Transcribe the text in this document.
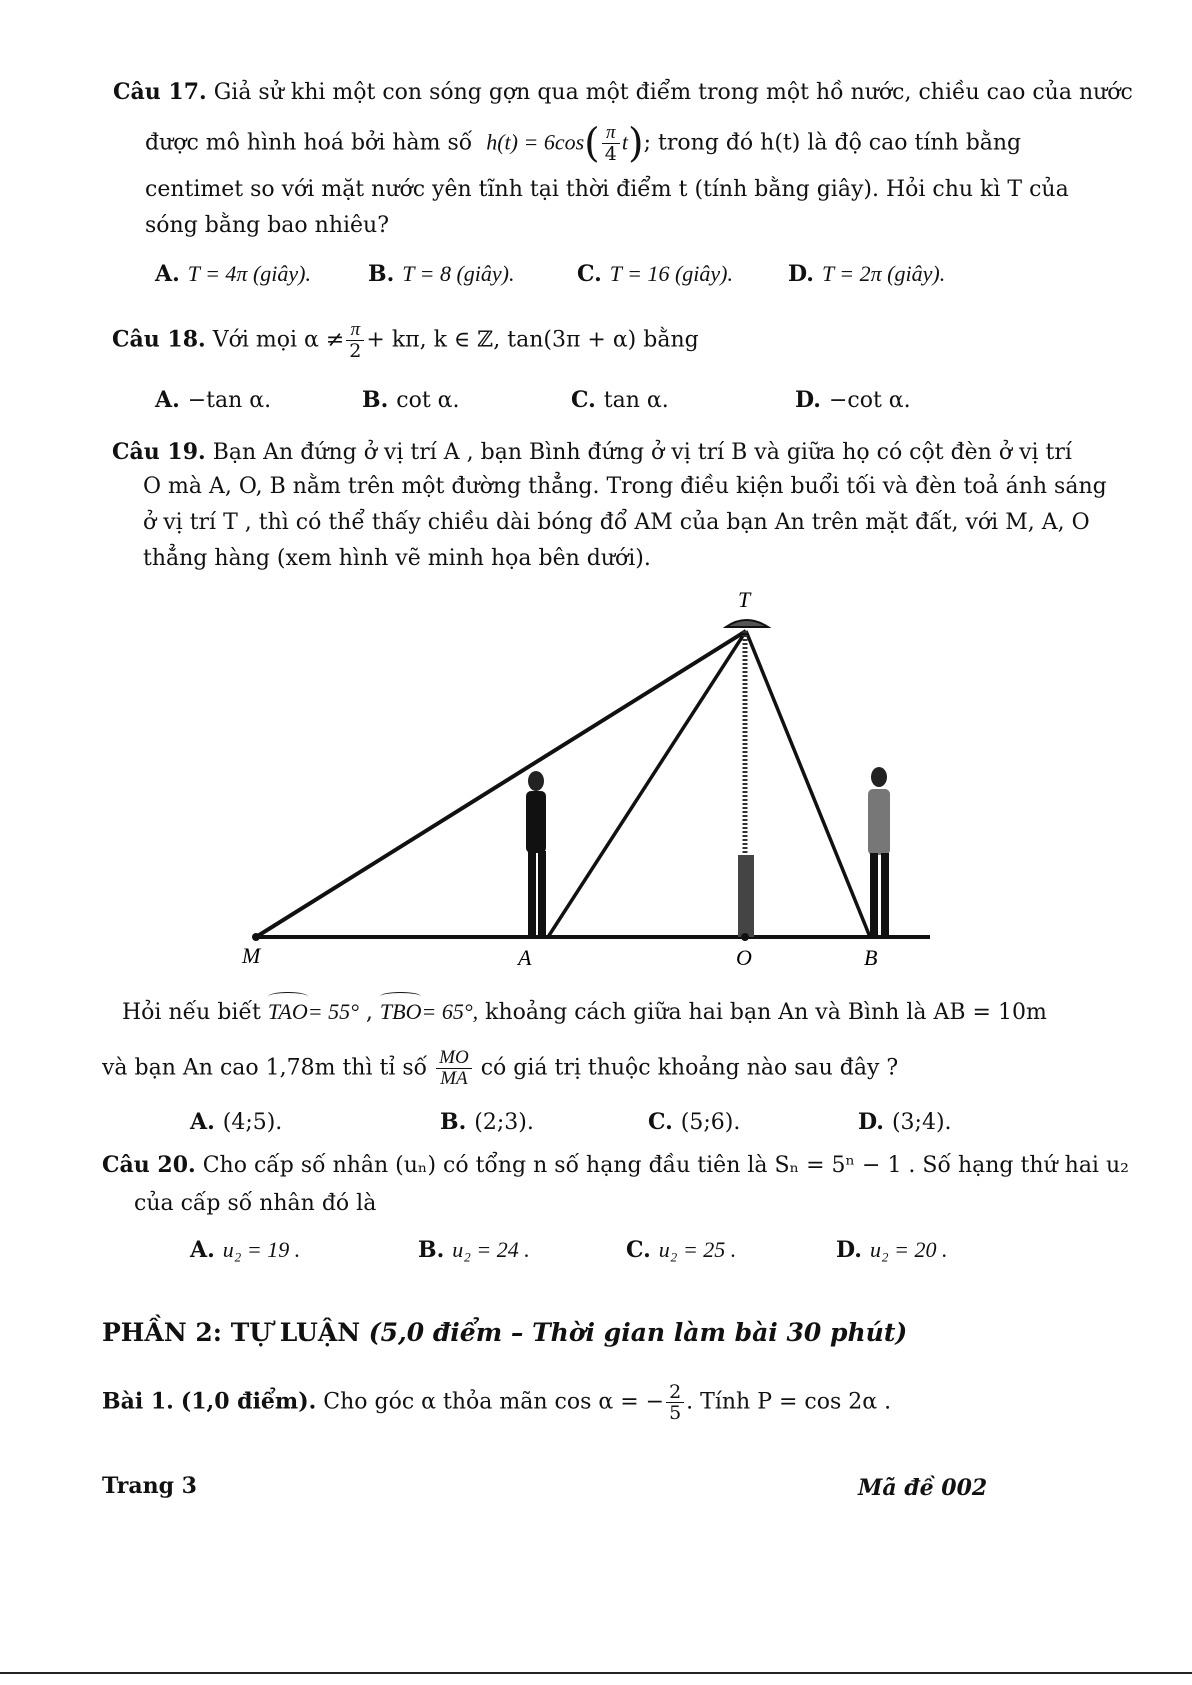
Câu 17. Giả sử khi một con sóng gợn qua một điểm trong một hồ nước, chiều cao của nước
được mô hình hoá bởi hàm số $h(t) = 6\cos( \frac{\pi}{4} t)$; trong đó h(t) là độ cao tính bằng
centimet so với mặt nước yên tĩnh tại thời điểm t (tính bằng giây). Hỏi chu kì T của
sóng bằng bao nhiêu?
A. T = 4π (giây).	B. T = 8 (giây).	C. T = 16 (giây). D. T = 2π (giây).
Câu 18. Với mọi $\alpha \ne \frac{\pi}{2} + k\pi$, k ∈ ℤ, tan(3π + α) bằng
A. −tan α.	B. cot α.	C. tan α.	D. −cot α.
Câu 19. Bạn An đứng ở vị trí A , bạn Bình đứng ở vị trí B và giữa họ có cột đèn ở vị trí
O mà A, O, B nằm trên một đường thẳng. Trong điều kiện buổi tối và đèn toả ánh sáng
ở vị trí T , thì có thể thấy chiều dài bóng đổ AM của bạn An trên mặt đất, với M, A, O
thẳng hàng (xem hình vẽ minh họa bên dưới).
T
M	A	O	B
Hỏi nếu biết TAO= 55° , TBO= 65°, khoảng cách giữa hai bạn An và Bình là AB = 10m
và bạn An cao 1,78m thì tỉ số $\frac{MO}{MA}$ có giá trị thuộc khoảng nào sau đây ?
A. (4;5).	B. (2;3).	C. (5;6).	D. (3;4).
Câu 20. Cho cấp số nhân (uₙ) có tổng n số hạng đầu tiên là Sₙ = 5ⁿ − 1 . Số hạng thứ hai u₂
của cấp số nhân đó là
A. u₂ = 19 .	B. u₂ = 24 .	C. u₂ = 25 .	D. u₂ = 20 .
PHẦN 2: TỰ LUẬN (5,0 điểm – Thời gian làm bài 30 phút)
Bài 1. (1,0 điểm). Cho góc α thỏa mãn cos α = − $\frac{2}{5}$ . Tính P = cos 2α .
Trang 3	Mã đề 002
